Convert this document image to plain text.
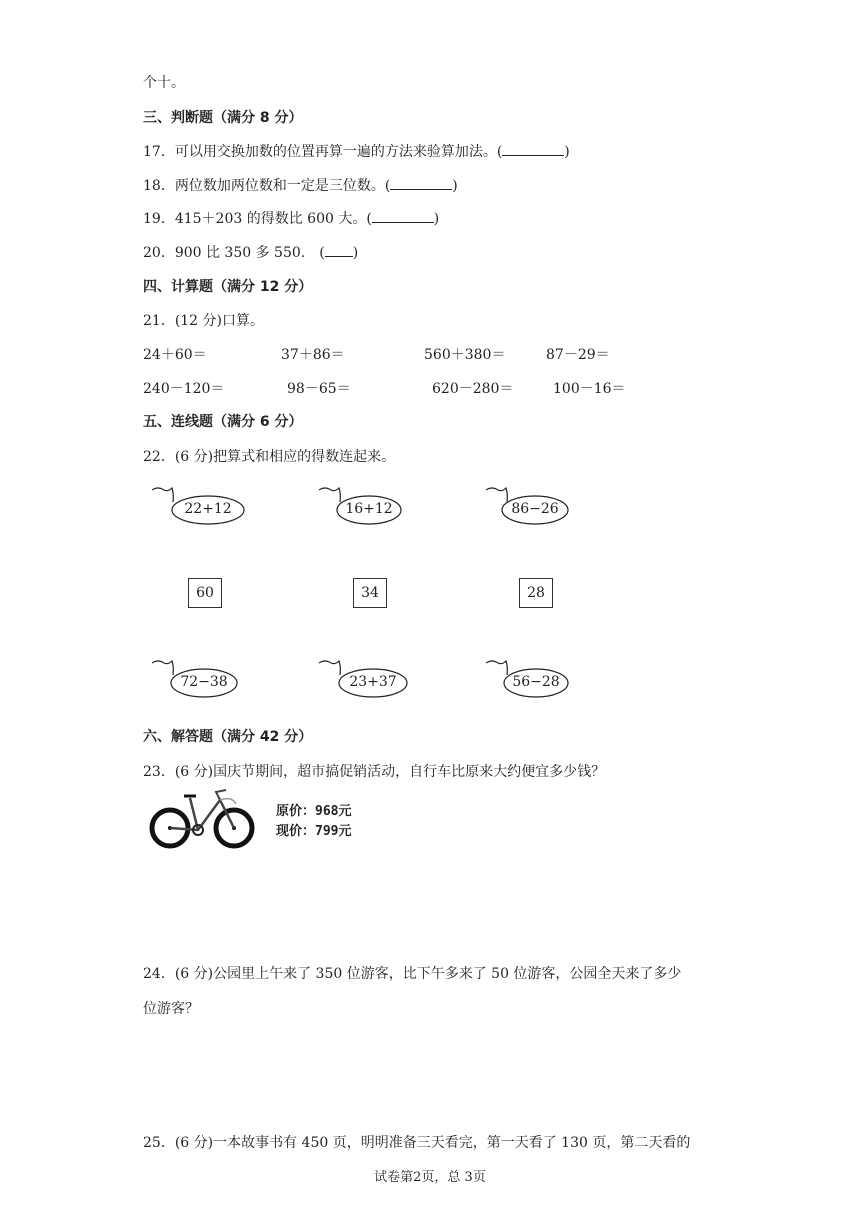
个十。
三、判断题（满分 8 分）
17．可以用交换加数的位置再算一遍的方法来验算加法。(	)
18．两位数加两位数和一定是三位数。(	)
19．415＋203 的得数比 600 大。(	)
20．900 比 350 多 550.　( )
四、计算题（满分 12 分）
21．(12 分)口算。
24＋60＝	37＋86＝	560＋380＝	87－29＝
240－120＝	98－65＝	620－280＝	100－16＝
五、连线题（满分 6 分）
22．(6 分)把算式和相应的得数连起来。
22+12	16+12	86−26
60	34	28
72−38	23+37	56−28
六、解答题（满分 42 分）
23．(6 分)国庆节期间，超市搞促销活动，自行车比原来大约便宜多少钱？
原价：968元
现价：799元
24．(6 分)公园里上午来了 350 位游客，比下午多来了 50 位游客，公园全天来了多少
位游客？
25．(6 分)一本故事书有 450 页，明明准备三天看完，第一天看了 130 页，第二天看的
试卷第2页，总 3页
